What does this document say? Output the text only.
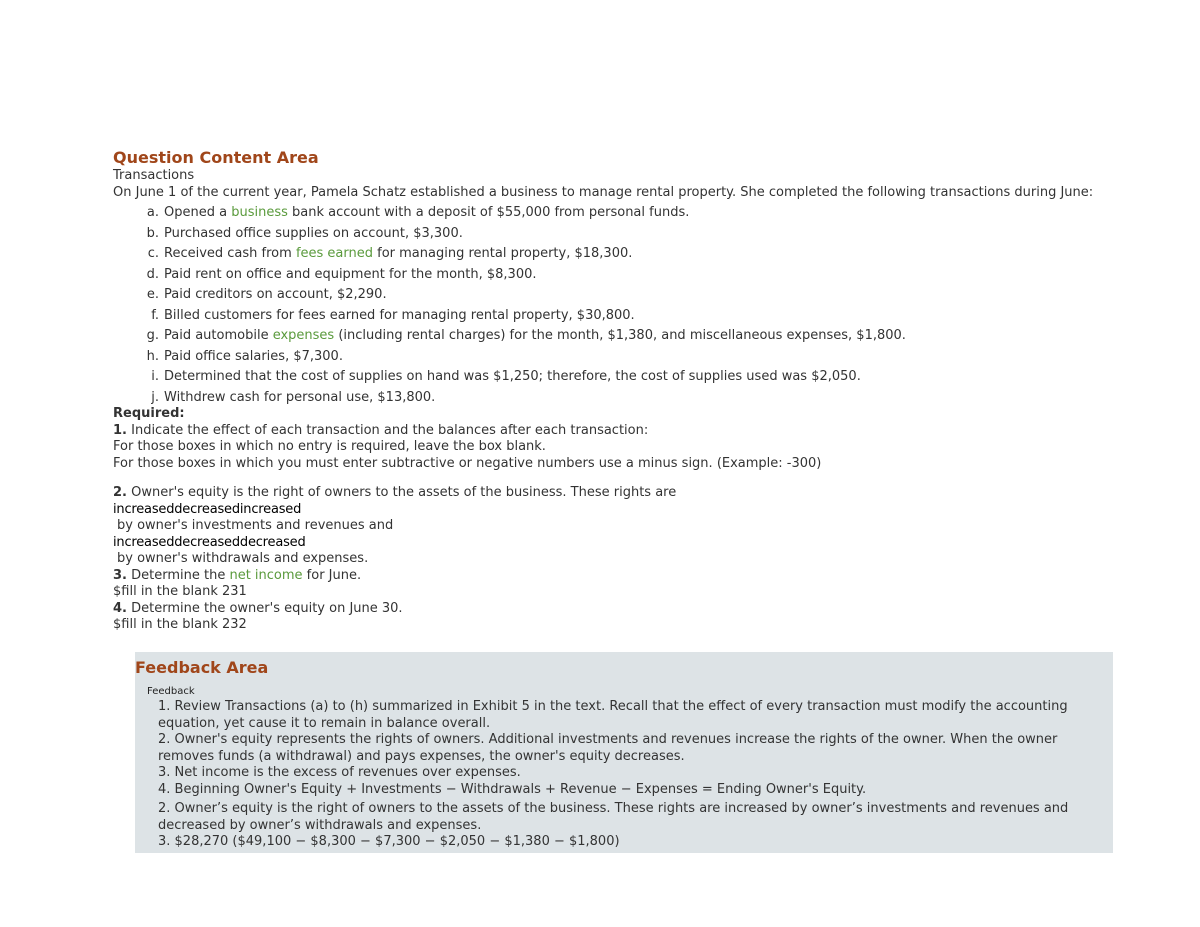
Question Content Area
Transactions

On June 1 of the current year, Pamela Schatz established a business to manage rental property. She completed the following transactions during June:

a. Opened a business bank account with a deposit of $55,000 from personal funds.
b. Purchased office supplies on account, $3,300.
c. Received cash from fees earned for managing rental property, $18,300.
d. Paid rent on office and equipment for the month, $8,300.
e. Paid creditors on account, $2,290.
f. Billed customers for fees earned for managing rental property, $30,800.
g. Paid automobile expenses (including rental charges) for the month, $1,380, and miscellaneous expenses, $1,800.
h. Paid office salaries, $7,300.
i. Determined that the cost of supplies on hand was $1,250; therefore, the cost of supplies used was $2,050.
j. Withdrew cash for personal use, $13,800.
Required:
1. Indicate the effect of each transaction and the balances after each transaction:
For those boxes in which no entry is required, leave the box blank.
For those boxes in which you must enter subtractive or negative numbers use a minus sign. (Example: -300)
2. Owner's equity is the right of owners to the assets of the business. These rights are
increaseddecreasedincreased
by owner's investments and revenues and
increaseddecreaseddecreased
by owner's withdrawals and expenses.
3. Determine the net income for June.
$fill in the blank 231
4. Determine the owner's equity on June 30.
$fill in the blank 232
Feedback Area
Feedback

1. Review Transactions (a) to (h) summarized in Exhibit 5 in the text. Recall that the effect of every transaction must modify the accounting equation, yet cause it to remain in balance overall.

2. Owner's equity represents the rights of owners. Additional investments and revenues increase the rights of the owner. When the owner removes funds (a withdrawal) and pays expenses, the owner's equity decreases.

3. Net income is the excess of revenues over expenses.

4. Beginning Owner's Equity + Investments − Withdrawals + Revenue − Expenses = Ending Owner's Equity.

2. Owner’s equity is the right of owners to the assets of the business. These rights are increased by owner’s investments and revenues and decreased by owner’s withdrawals and expenses.

3. $28,270 ($49,100 − $8,300 − $7,300 − $2,050 − $1,380 − $1,800)
